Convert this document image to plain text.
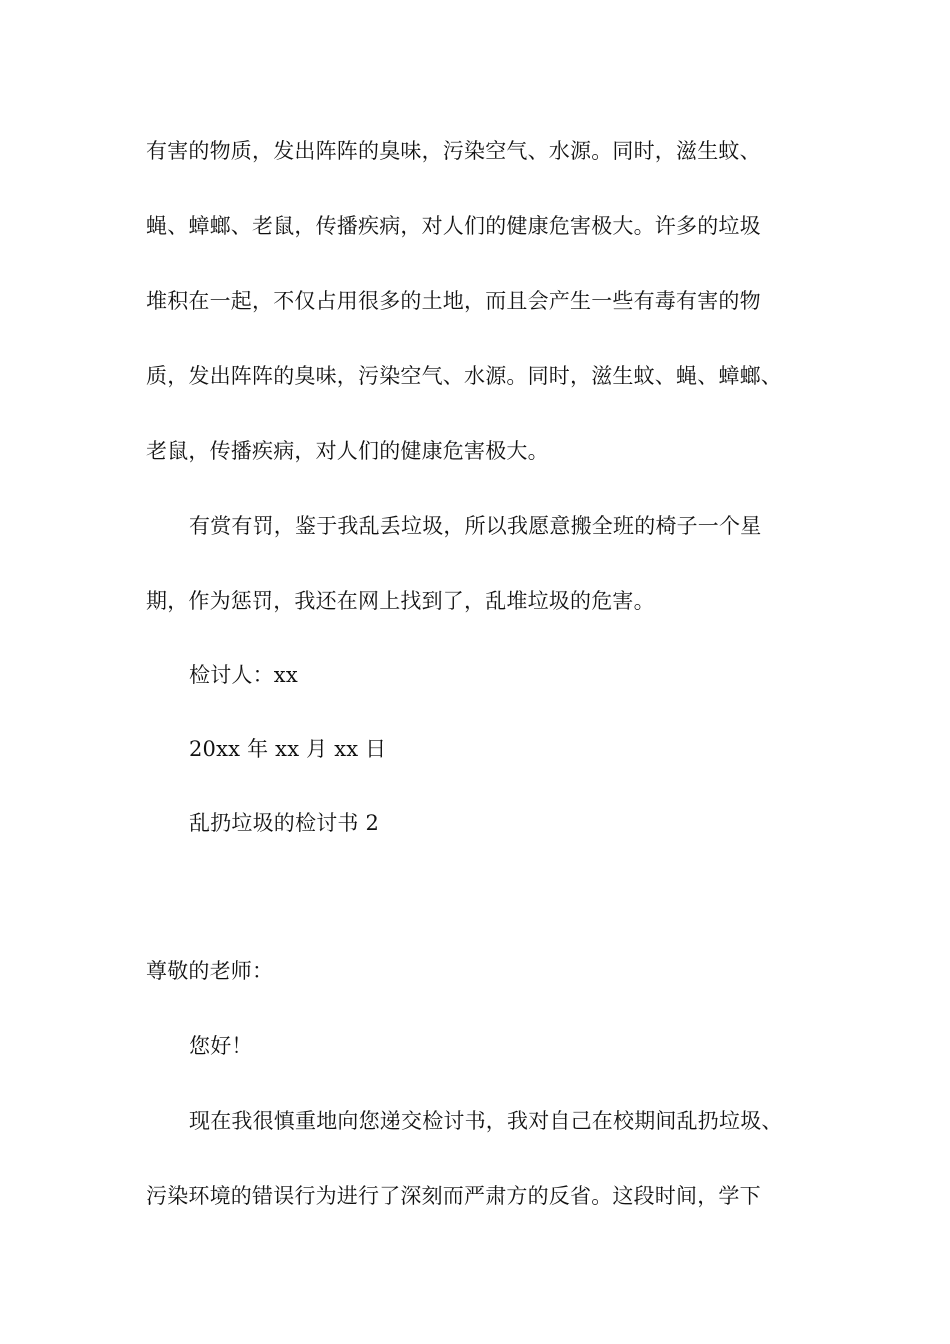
有害的物质，发出阵阵的臭味，污染空气、水源。同时，滋生蚊、
蝇、蟑螂、老鼠，传播疾病，对人们的健康危害极大。许多的垃圾
堆积在一起，不仅占用很多的土地，而且会产生一些有毒有害的物
质，发出阵阵的臭味，污染空气、水源。同时，滋生蚊、蝇、蟑螂、
老鼠，传播疾病，对人们的健康危害极大。
有赏有罚，鉴于我乱丢垃圾，所以我愿意搬全班的椅子一个星
期，作为惩罚，我还在网上找到了，乱堆垃圾的危害。
检讨人：xx
20xx 年 xx 月 xx 日
乱扔垃圾的检讨书 2
尊敬的老师：
您好！
现在我很慎重地向您递交检讨书，我对自己在校期间乱扔垃圾、
污染环境的错误行为进行了深刻而严肃方的反省。这段时间，学下
